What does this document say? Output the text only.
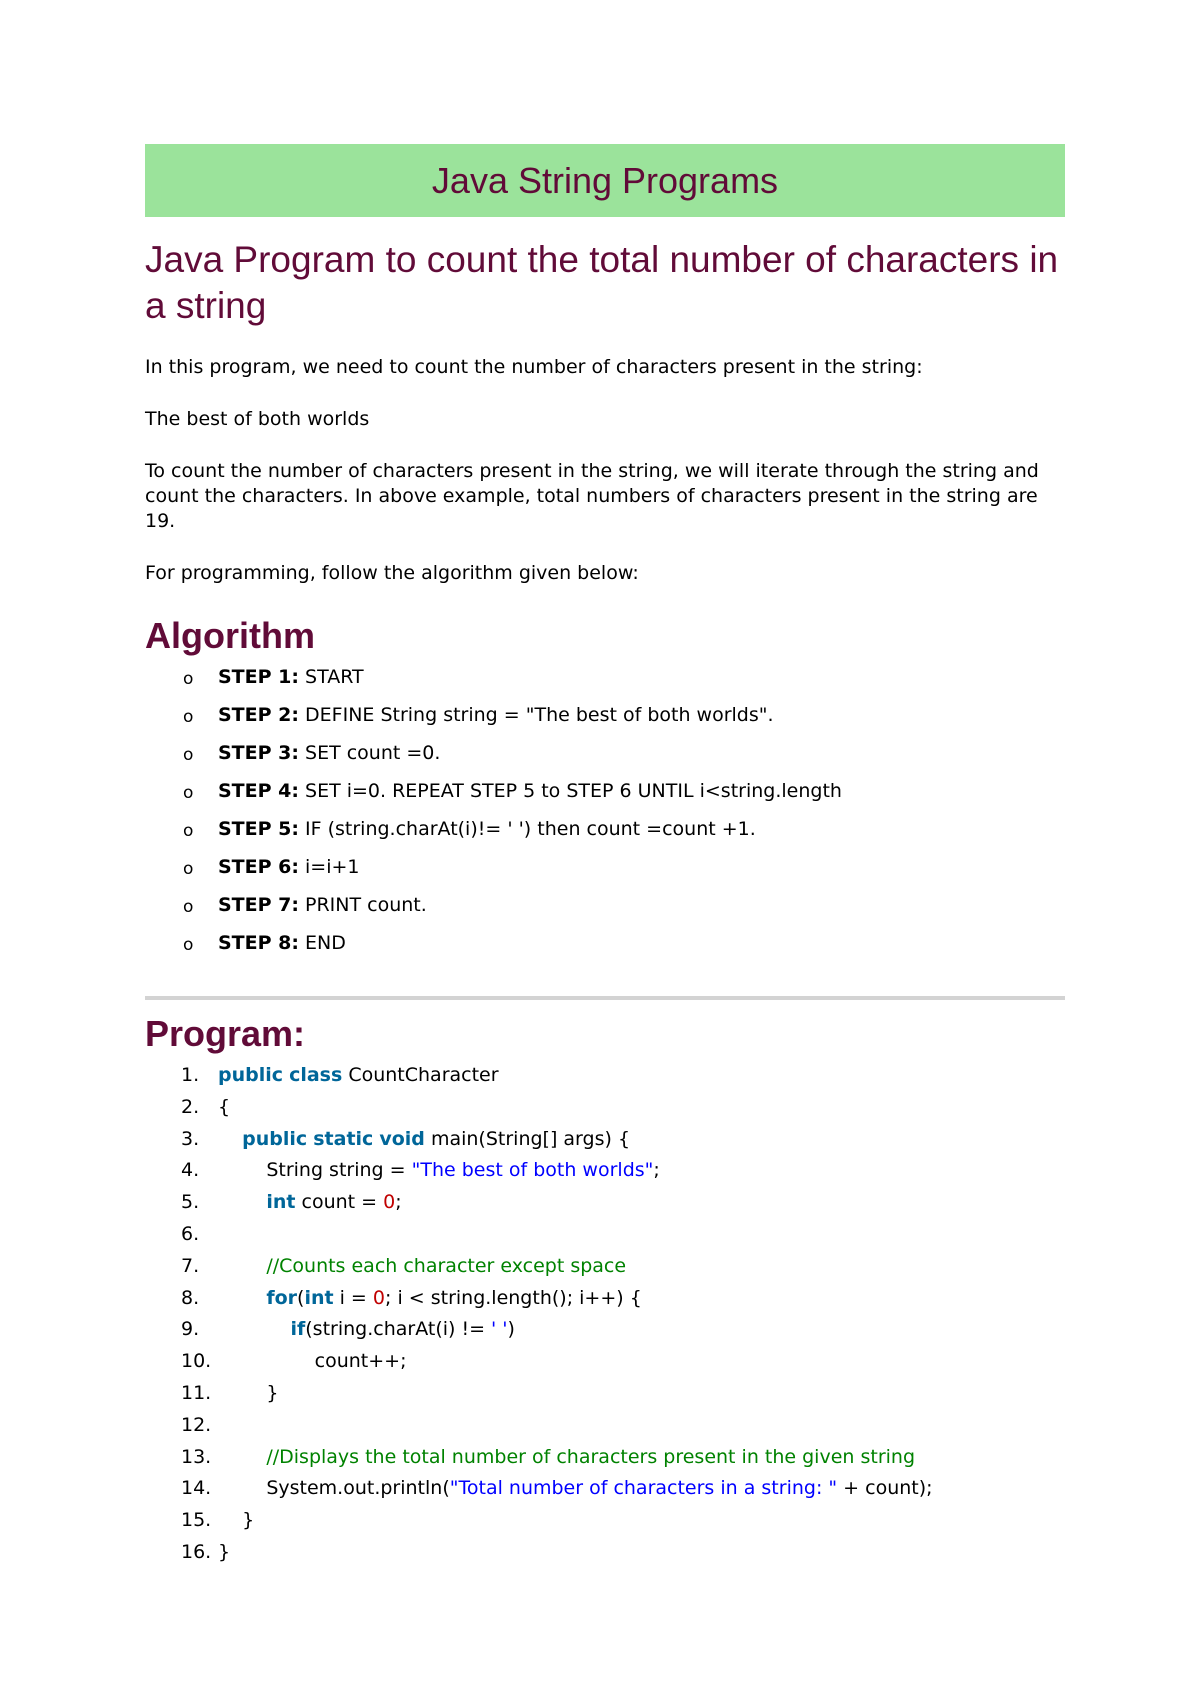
Java String Programs
Java Program to count the total number of characters in a string

In this program, we need to count the number of characters present in the string:

The best of both worlds

To count the number of characters present in the string, we will iterate through the string and count the characters. In above example, total numbers of characters present in the string are 19.

For programming, follow the algorithm given below:

Algorithm
o STEP 1: START
o STEP 2: DEFINE String string = "The best of both worlds".
o STEP 3: SET count =0.
o STEP 4: SET i=0. REPEAT STEP 5 to STEP 6 UNTIL i<string.length
o STEP 5: IF (string.charAt(i)!= ' ') then count =count +1.
o STEP 6: i=i+1
o STEP 7: PRINT count.
o STEP 8: END
Program:
1. public class CountCharacter
2. {
3.	public static void main(String[] args) {
4. String string = "The best of both worlds";
5.	int count = 0;
6.
7.	//Counts each character except space
8.	for(int i = 0; i < string.length(); i++) {
9.	if(string.charAt(i) != ' ')
10. count++;
11. }
12.
13.	//Displays the total number of characters present in the given string
14. System.out.println("Total number of characters in a string: " + count);
15. }
16. }
